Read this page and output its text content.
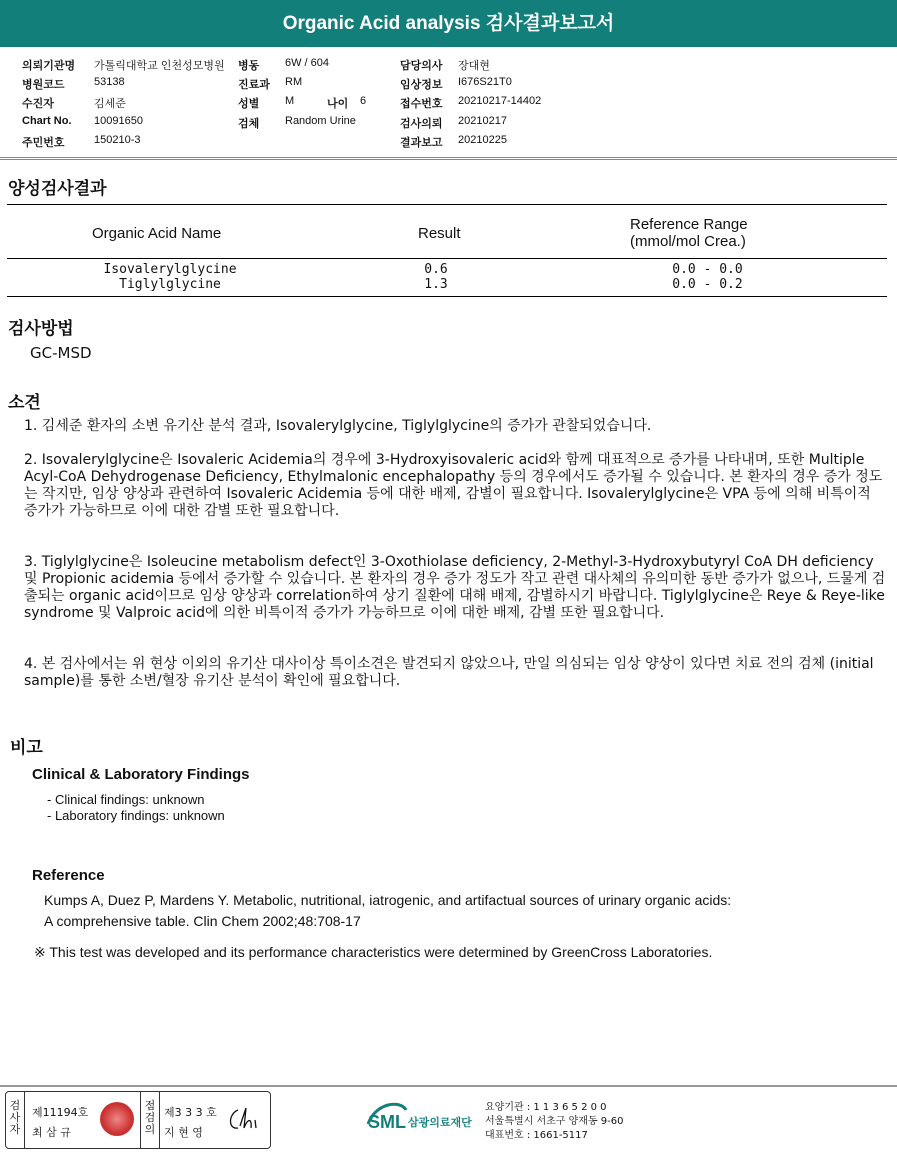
Organic Acid analysis 검사결과보고서
의뢰기관명 가톨릭대학교 인천성모병원 병동 6W / 604	담당의사 장대현
병원코드	53138	진료과 RM	임상정보 I676S21T0
수진자	김세준	성별 M	나이 6	접수번호 20210217-14402
Chart No. 10091650	검체 Random Urine	검사의뢰 20210217
주민번호	150210-3	결과보고 20210225
양성검사결과
Organic Acid Name	Result
Reference Range
(mmol/mol Crea.)
Isovalerylglycine	0.6	0.0 - 0.0
Tiglylglycine	1.3	0.0 - 0.2
검사방법
GC-MSD
소견
1. 김세준 환자의 소변 유기산 분석 결과, Isovalerylglycine, Tiglylglycine의 증가가 관찰되었습니다.
2. Isovalerylglycine은 Isovaleric Acidemia의 경우에 3-Hydroxyisovaleric acid와 함께 대표적으로 증가를 나타내며, 또한 Multiple Acyl-CoA Dehydrogenase Deficiency, Ethylmalonic encephalopathy 등의 경우에서도 증가될 수 있습니다. 본 환자의 경우 증가 정도는 작지만, 임상 양상과 관련하여 Isovaleric Acidemia 등에 대한 배제, 감별이 필요합니다. Isovalerylglycine은 VPA 등에 의해 비특이적 증가가 가능하므로 이에 대한 감별 또한 필요합니다.
3. Tiglylglycine은 Isoleucine metabolism defect인 3-Oxothiolase deficiency, 2-Methyl-3-Hydroxybutyryl CoA DH deficiency 및 Propionic acidemia 등에서 증가할 수 있습니다. 본 환자의 경우 증가 정도가 작고 관련 대사체의 유의미한 동반 증가가 없으나, 드물게 검출되는 organic acid이므로 임상 양상과 correlation하여 상기 질환에 대해 배제, 감별하시기 바랍니다. Tiglylglycine은 Reye & Reye-like syndrome 및 Valproic acid에 의한 비특이적 증가가 가능하므로 이에 대한 배제, 감별 또한 필요합니다.
4. 본 검사에서는 위 현상 이외의 유기산 대사이상 특이소견은 발견되지 않았으나, 만일 의심되는 임상 양상이 있다면 치료 전의 검체 (initial sample)를 통한 소변/혈장 유기산 분석이 확인에 필요합니다.
비고
Clinical & Laboratory Findings
- Clinical findings: unknown
- Laboratory findings: unknown
Reference
Kumps A, Duez P, Mardens Y. Metabolic, nutritional, iatrogenic, and artifactual sources of urinary organic acids:
A comprehensive table. Clin Chem 2002;48:708-17
※ This test was developed and its performance characteristics were determined by GreenCross Laboratories.
검사자
제11194호
최 삼 규
점검의
제3 3 3 호
지 현 영
SML 삼광의료재단
요양기관 : 1 1 3 6 5 2 0 0
서울특별시 서초구 양재동 9-60
대표번호 : 1661-5117
